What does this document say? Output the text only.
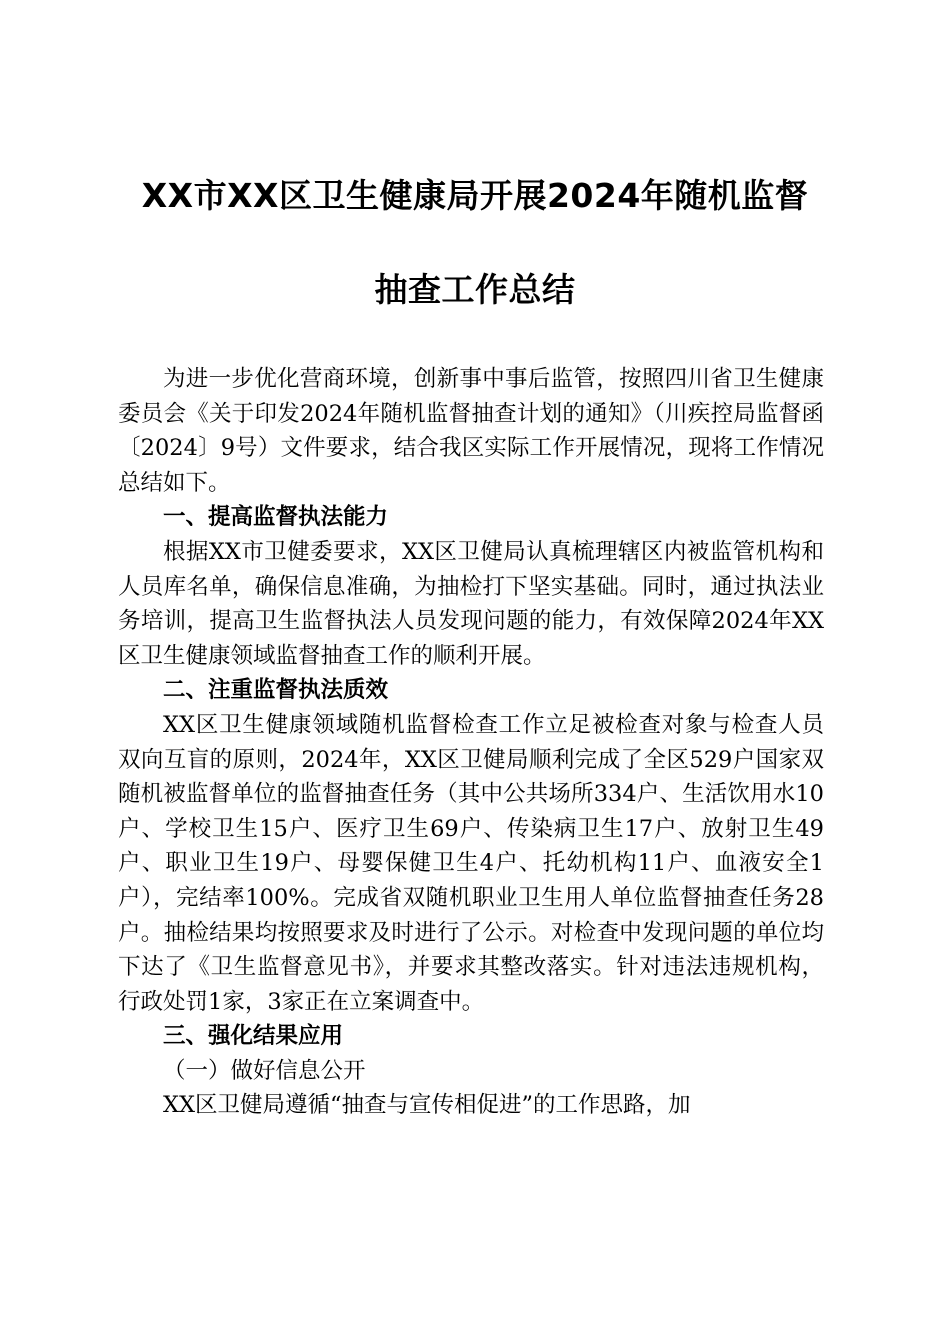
XX市XX区卫生健康局开展2024年随机监督
抽查工作总结

为进一步优化营商环境，创新事中事后监管，按照四川省卫生健康委员会《关于印发2024年随机监督抽查计划的通知》（川疾控局监督函〔2024〕9号）文件要求，结合我区实际工作开展情况，现将工作情况总结如下。

一、提高监督执法能力

根据XX市卫健委要求，XX区卫健局认真梳理辖区内被监管机构和人员库名单，确保信息准确，为抽检打下坚实基础。同时，通过执法业务培训，提高卫生监督执法人员发现问题的能力，有效保障2024年XX区卫生健康领域监督抽查工作的顺利开展。

二、注重监督执法质效

XX区卫生健康领域随机监督检查工作立足被检查对象与检查人员双向互盲的原则，2024年，XX区卫健局顺利完成了全区529户国家双随机被监督单位的监督抽查任务（其中公共场所334户、生活饮用水10户、学校卫生15户、医疗卫生69户、传染病卫生17户、放射卫生49户、职业卫生19户、母婴保健卫生4户、托幼机构11户、血液安全1户），完结率100%。完成省双随机职业卫生用人单位监督抽查任务28户。抽检结果均按照要求及时进行了公示。对检查中发现问题的单位均下达了《卫生监督意见书》，并要求其整改落实。针对违法违规机构，行政处罚1家，3家正在立案调查中。

三、强化结果应用

（一）做好信息公开

XX区卫健局遵循“抽查与宣传相促进”的工作思路，加
